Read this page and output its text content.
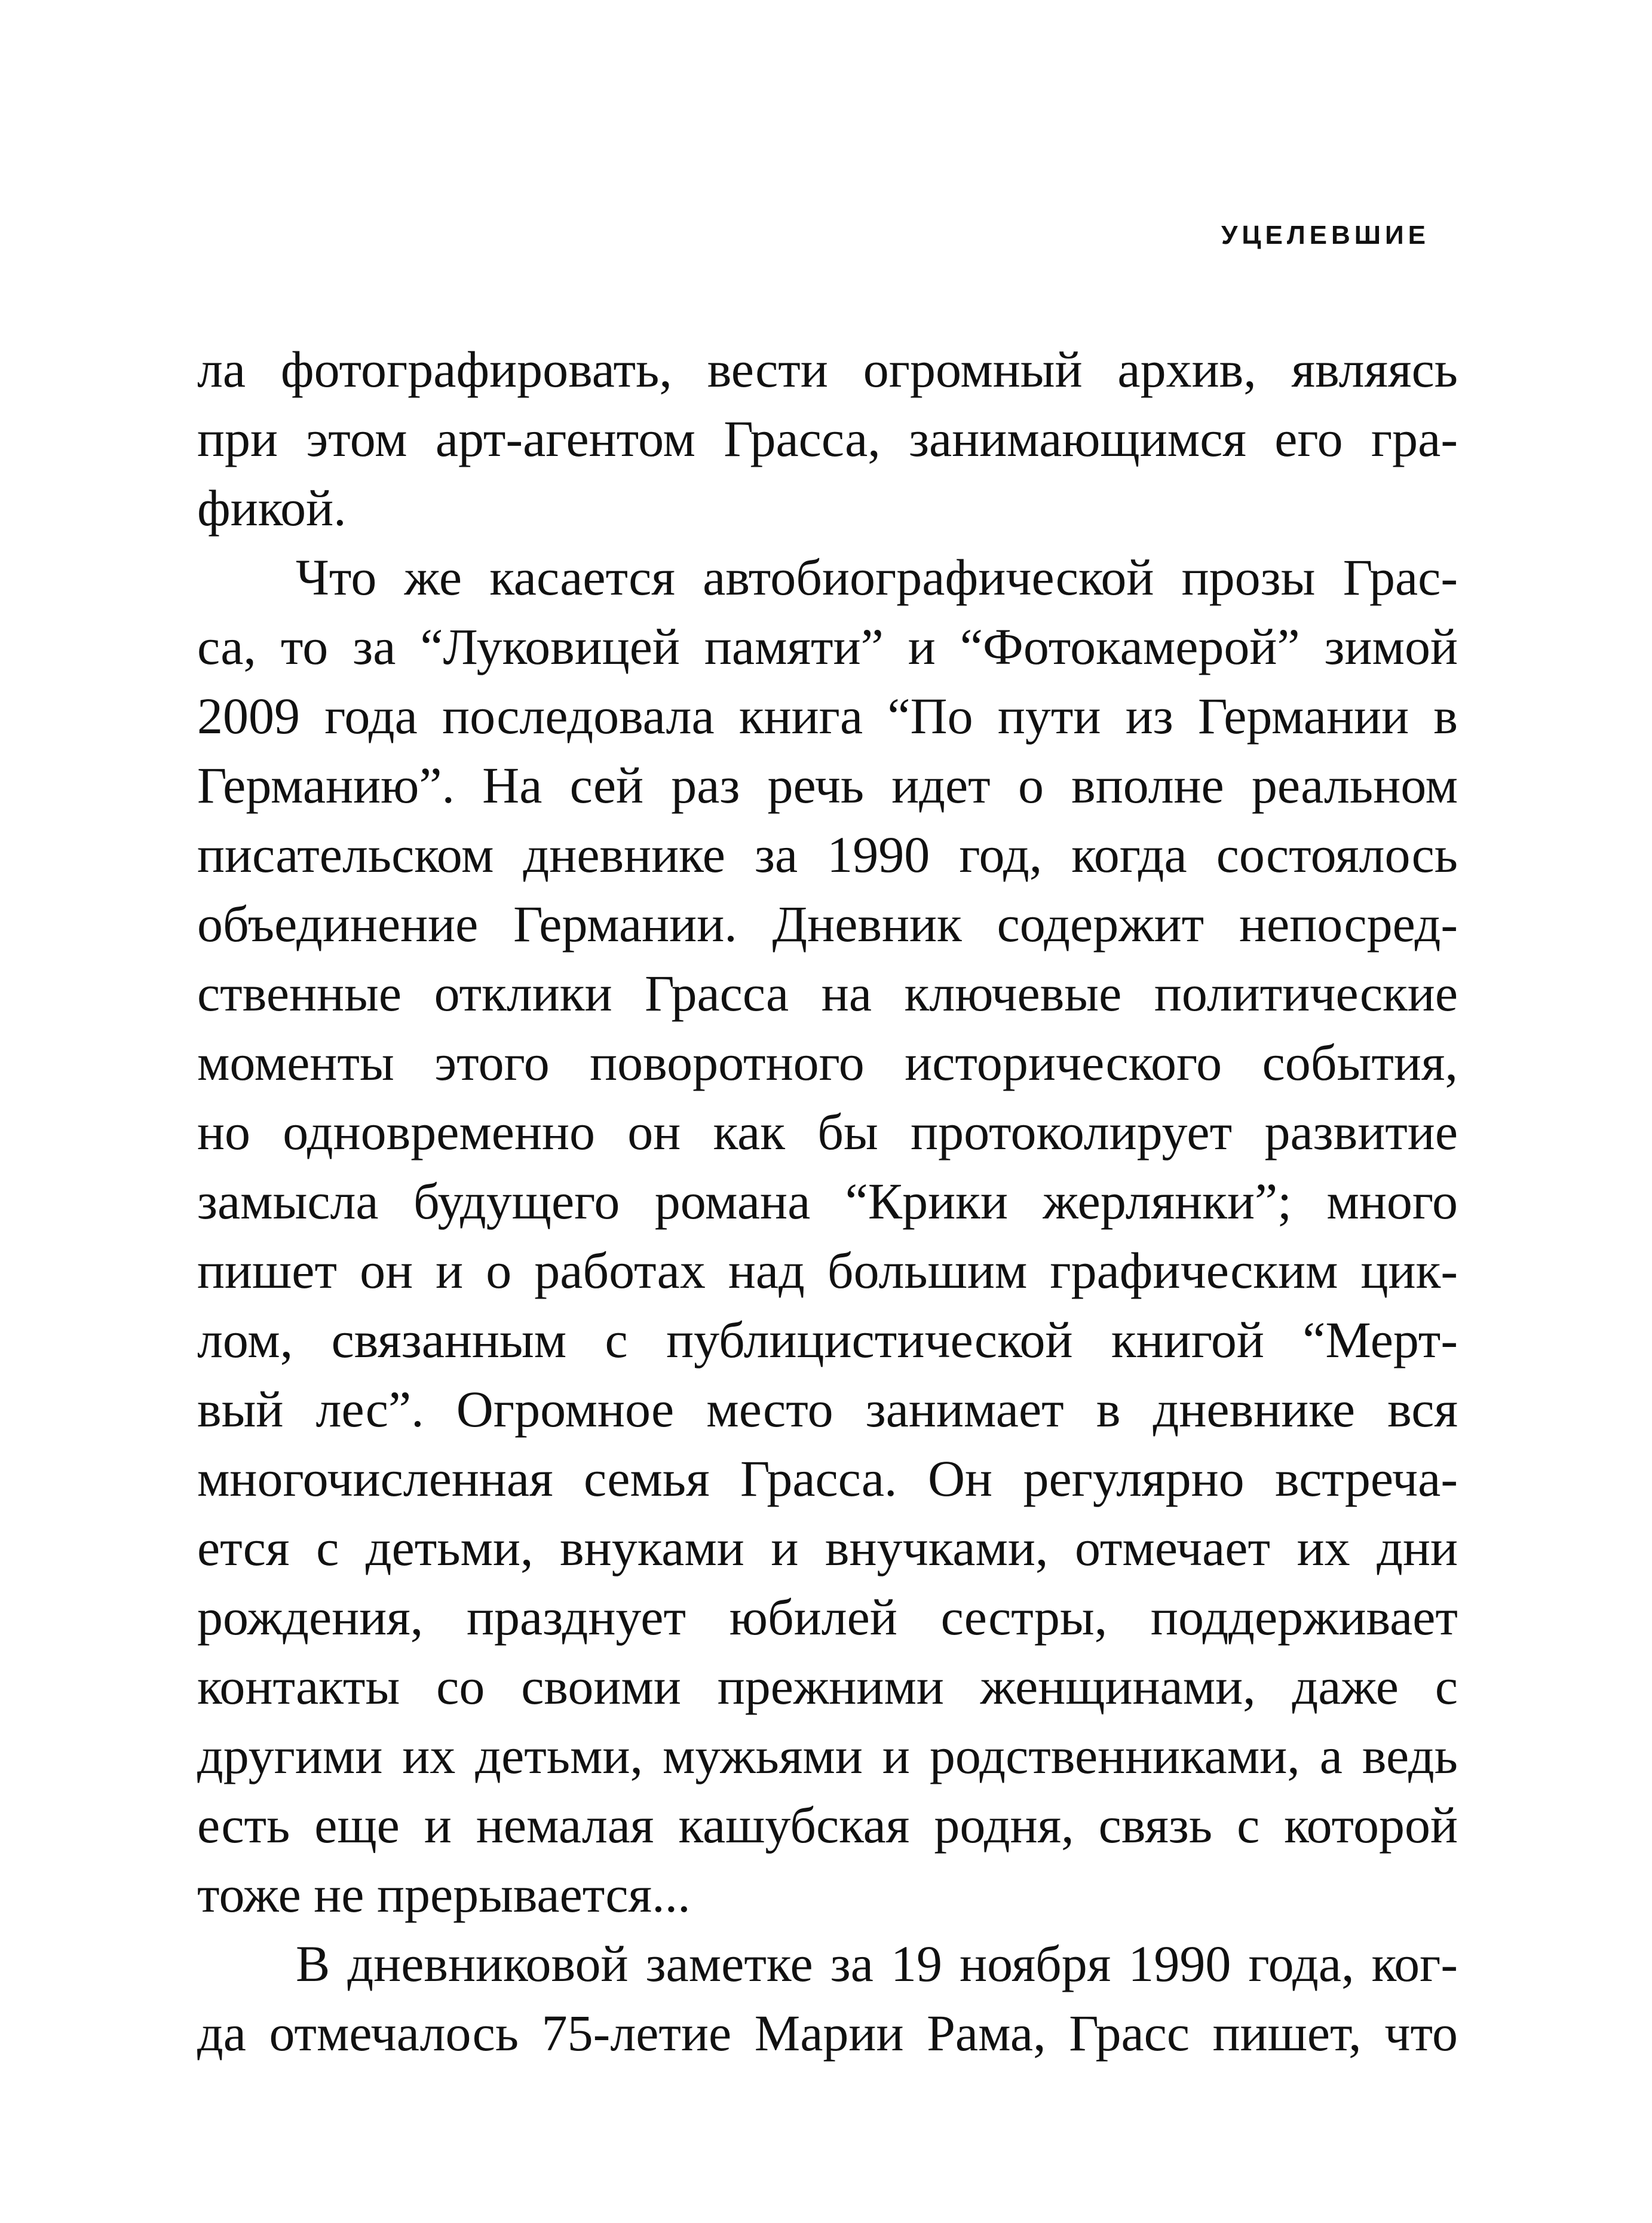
УЦЕЛЕВШИЕ
ла фотографировать, вести огромный архив, являясь
при этом арт-агентом Грасса, занимающимся его гра-
фикой.
Что же касается автобиографической прозы Грас-
са, то за “Луковицей памяти” и “Фотокамерой” зимой
2009 года последовала книга “По пути из Германии в
Германию”. На сей раз речь идет о вполне реальном
писательском дневнике за 1990 год, когда состоялось
объединение Германии. Дневник содержит непосред-
ственные отклики Грасса на ключевые политические
моменты этого поворотного исторического события,
но одновременно он как бы протоколирует развитие
замысла будущего романа “Крики жерлянки”; много
пишет он и о работах над большим графическим цик-
лом, связанным с публицистической книгой “Мерт-
вый лес”. Огромное место занимает в дневнике вся
многочисленная семья Грасса. Он регулярно встреча-
ется с детьми, внуками и внучками, отмечает их дни
рождения, празднует юбилей сестры, поддерживает
контакты со своими прежними женщинами, даже с
другими их детьми, мужьями и родственниками, а ведь
есть еще и немалая кашубская родня, связь с которой
тоже не прерывается...
В дневниковой заметке за 19 ноября 1990 года, ког-
да отмечалось 75-летие Марии Рама, Грасс пишет, что
